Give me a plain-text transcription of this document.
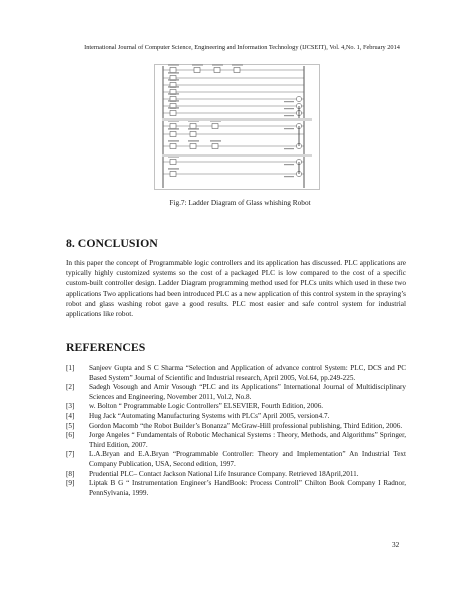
International Journal of Computer Science, Engineering and Information Technology (IJCSEIT), Vol. 4,No. 1, February 2014
Fig.7: Ladder Diagram of Glass whishing Robot
8. CONCLUSION

In this paper the concept of Programmable logic controllers and its application has discussed. PLC applications are typically highly customized systems so the cost of a packaged PLC is low compared to the cost of a specific custom-built controller design. Ladder Diagram programming method used for PLCs units which used in these two applications Two applications had been introduced PLC as a new application of this control system in the spraying’s robot and glass washing robot gave a good results. PLC most easier and safe control system for industrial applications like robot.

REFERENCES
[1] Sanjeev Gupta and S C Sharma “Selection and Application of advance control System: PLC, DCS and PC Based System” Journal of Scientific and Industrial research, April 2005, Vol.64, pp.249-225.
[2] Sadegh Vosough and Amir Vosough “PLC and its Applications” International Journal of Multidisciplinary Sciences and Engineering, November 2011, Vol.2, No.8.
[3] w. Bolton “ Programmable Logic Controllers” ELSEVIER, Fourth Edition, 2006.
[4] Hug Jack “Automating Manufacturing Systems with PLCs” April 2005, version4.7.
[5] Gordon Macomb “the Robot Builder’s Bonanza” McGraw-Hill professional publishing, Third Edition, 2006.
[6] Jorge Angeles “ Fundamentals of Robotic Mechanical Systems : Theory, Methods, and Algorithms” Springer, Third Edition, 2007.
[7] L.A.Bryan and E.A.Bryan “Programmable Controller: Theory and Implementation” An Industrial Text Company Publication, USA, Second edition, 1997.
[8] Prudential PLC– Contact Jackson National Life Insurance Company. Retrieved 18April,2011.
[9] Liptak B G “ Instrumentation Engineer’s HandBook: Process Controll” Chilton Book Company I Radnor, PennSylvania, 1999.
32
